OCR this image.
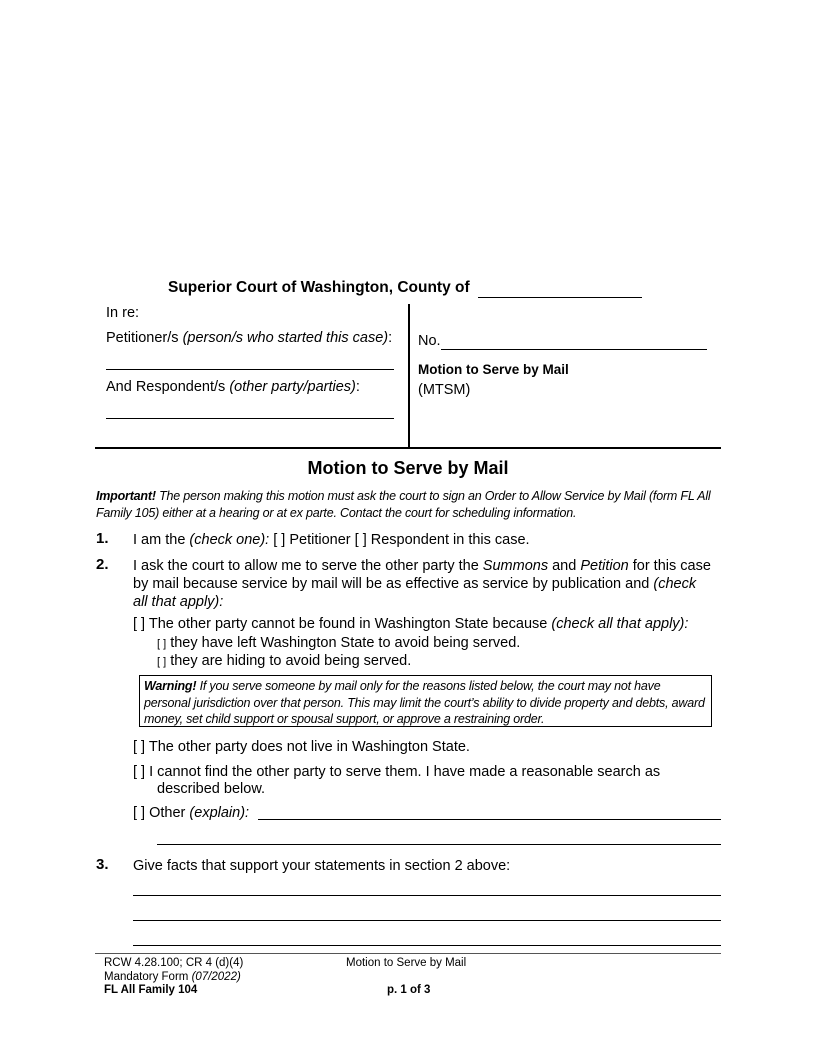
Superior Court of Washington, County of
In re:
Petitioner/s (person/s who started this case):
And Respondent/s (other party/parties):
No.
Motion to Serve by Mail
(MTSM)
Motion to Serve by Mail
Important! The person making this motion must ask the court to sign an Order to Allow Service by Mail (form FL All Family 105) either at a hearing or at ex parte. Contact the court for scheduling information.
1. I am the (check one): [ ] Petitioner [ ] Respondent in this case.
2. I ask the court to allow me to serve the other party the Summons and Petition for this case
by mail because service by mail will be as effective as service by publication and (check
all that apply):
[ ] The other party cannot be found in Washington State because (check all that apply):
[ ] they have left Washington State to avoid being served.
[ ] they are hiding to avoid being served.
Warning! If you serve someone by mail only for the reasons listed below, the court may not have personal jurisdiction over that person. This may limit the court’s ability to divide property and debts, award money, set child support or spousal support, or approve a restraining order.
[ ] The other party does not live in Washington State.
[ ] I cannot find the other party to serve them. I have made a reasonable search as
described below.
[ ] Other (explain):
3. Give facts that support your statements in section 2 above:
RCW 4.28.100; CR 4 (d)(4)
Mandatory Form (07/2022)
FL All Family 104
Motion to Serve by Mail
p. 1 of 3
